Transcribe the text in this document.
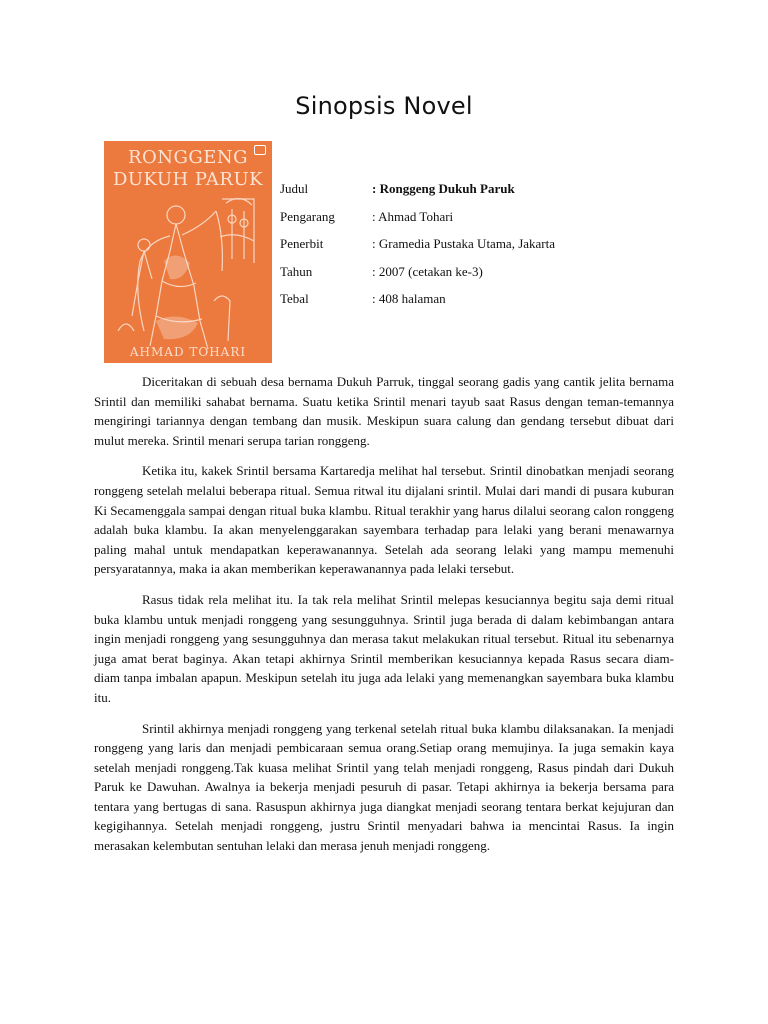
Sinopsis Novel
RONGGENG
DUKUH PARUK
AHMAD TOHARI
Judul	: Ronggeng Dukuh Paruk
Pengarang	: Ahmad Tohari
Penerbit	: Gramedia Pustaka Utama, Jakarta
Tahun	: 2007 (cetakan ke-3)
Tebal	: 408 halaman

Diceritakan di sebuah desa bernama Dukuh Parruk, tinggal seorang gadis yang cantik jelita bernama Srintil dan memiliki sahabat bernama. Suatu ketika Srintil menari tayub saat Rasus dengan teman-temannya mengiringi tariannya dengan tembang dan musik. Meskipun suara calung dan gendang tersebut dibuat dari mulut mereka. Srintil menari serupa tarian ronggeng.

Ketika itu, kakek Srintil bersama Kartaredja melihat hal tersebut. Srintil dinobatkan menjadi seorang ronggeng setelah melalui beberapa ritual. Semua ritwal itu dijalani srintil. Mulai dari mandi di pusara kuburan Ki Secamenggala sampai dengan ritual buka klambu. Ritual terakhir yang harus dilalui seorang calon ronggeng adalah buka klambu. Ia akan menyelenggarakan sayembara terhadap para lelaki yang berani menawarnya paling mahal untuk mendapatkan keperawanannya. Setelah ada seorang lelaki yang mampu memenuhi persyaratannya, maka ia akan memberikan keperawanannya pada lelaki tersebut.

Rasus tidak rela melihat itu. Ia tak rela melihat Srintil melepas kesuciannya begitu saja demi ritual buka klambu untuk menjadi ronggeng yang sesungguhnya. Srintil juga berada di dalam kebimbangan antara ingin menjadi ronggeng yang sesungguhnya dan merasa takut melakukan ritual tersebut. Ritual itu sebenarnya juga amat berat baginya. Akan tetapi akhirnya Srintil memberikan kesuciannya kepada Rasus secara diam-diam tanpa imbalan apapun. Meskipun setelah itu juga ada lelaki yang memenangkan sayembara buka klambu itu.

Srintil akhirnya menjadi ronggeng yang terkenal setelah ritual buka klambu dilaksanakan. Ia menjadi ronggeng yang laris dan menjadi pembicaraan semua orang.Setiap orang memujinya. Ia juga semakin kaya setelah menjadi ronggeng.Tak kuasa melihat Srintil yang telah menjadi ronggeng, Rasus pindah dari Dukuh Paruk ke Dawuhan. Awalnya ia bekerja menjadi pesuruh di pasar. Tetapi akhirnya ia bekerja bersama para tentara yang bertugas di sana. Rasuspun akhirnya juga diangkat menjadi seorang tentara berkat kejujuran dan kegigihannya. Setelah menjadi ronggeng, justru Srintil menyadari bahwa ia mencintai Rasus. Ia ingin merasakan kelembutan sentuhan lelaki dan merasa jenuh menjadi ronggeng.
